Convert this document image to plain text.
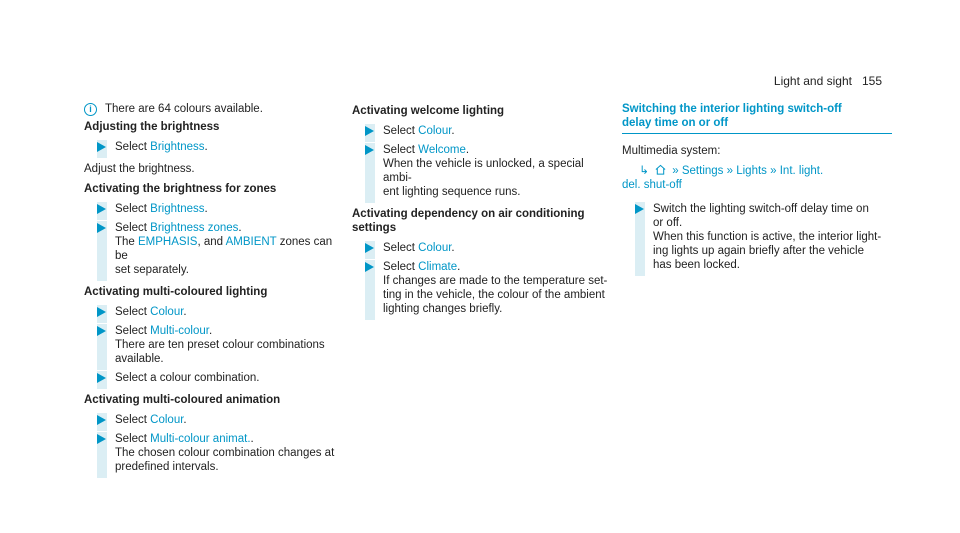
Light and sight 155
i	There are 64 colours available.
Adjusting the brightness
Select Brightness.
Adjust the brightness.
Activating the brightness for zones
Select Brightness.
Select Brightness zones.
The EMPHASIS, and AMBIENT zones can be
set separately.
Activating multi-coloured lighting
Select Colour.
Select Multi-colour.
There are ten preset colour combinations
available.
Select a colour combination.
Activating multi-coloured animation
Select Colour.
Select Multi-colour animat..
The chosen colour combination changes at
predefined intervals.
Activating welcome lighting
Select Colour.
Select Welcome.
When the vehicle is unlocked, a special ambi-
ent lighting sequence runs.
Activating dependency on air conditioning
settings
Select Colour.
Select Climate.
If changes are made to the temperature set-
ting in the vehicle, the colour of the ambient
lighting changes briefly.
Switching the interior lighting switch-off
delay time on or off
Multimedia system:
↳ » Settings » Lights » Int. light.
del. shut-off
Switch the lighting switch-off delay time on
or off.
When this function is active, the interior light-
ing lights up again briefly after the vehicle
has been locked.
